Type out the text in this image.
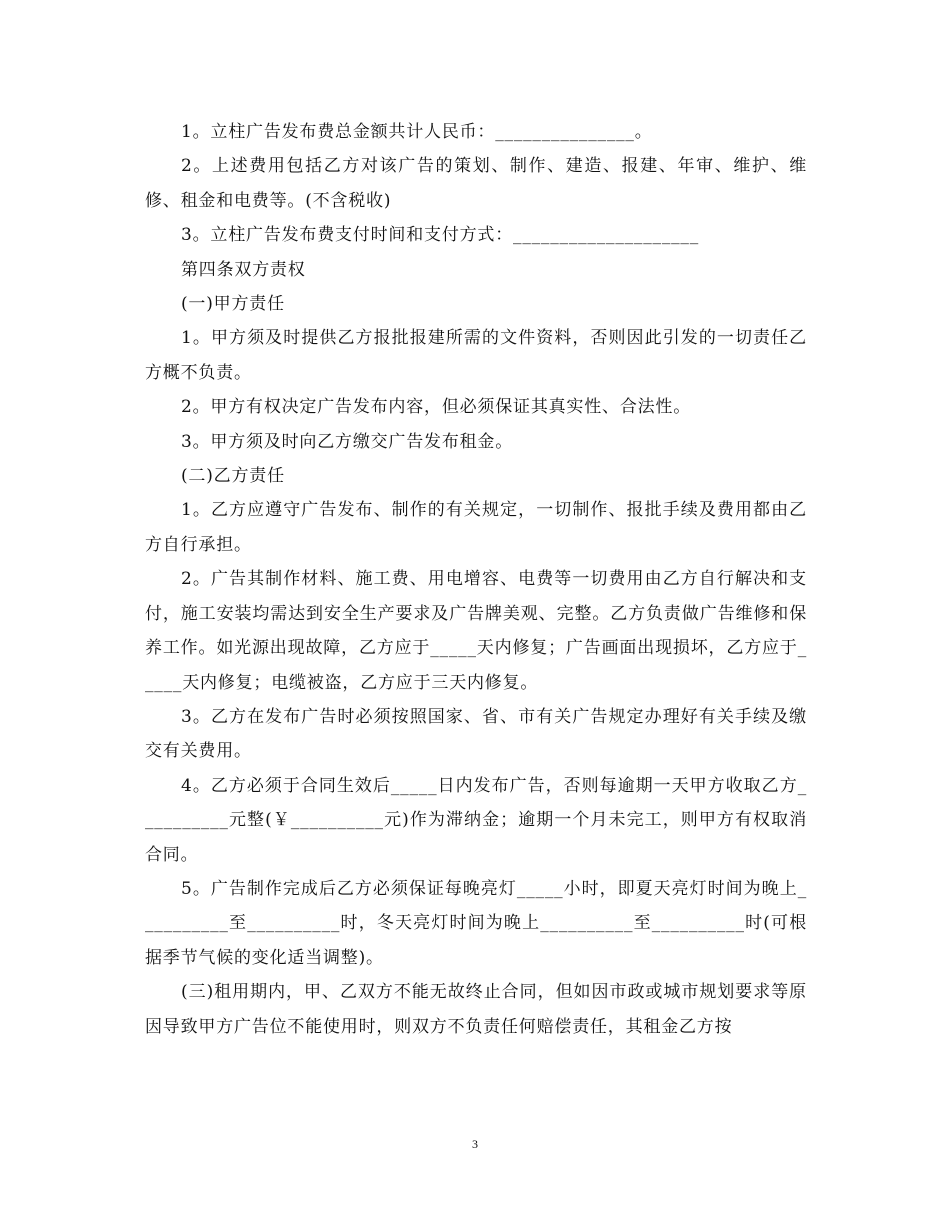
1。立柱广告发布费总金额共计人民币：_______________。

2。上述费用包括乙方对该广告的策划、制作、建造、报建、年审、维护、维修、租金和电费等。(不含税收)

3。立柱广告发布费支付时间和支付方式：____________________

第四条双方责权

(一)甲方责任

1。甲方须及时提供乙方报批报建所需的文件资料，否则因此引发的一切责任乙方概不负责。

2。甲方有权决定广告发布内容，但必须保证其真实性、合法性。

3。甲方须及时向乙方缴交广告发布租金。

(二)乙方责任

1。乙方应遵守广告发布、制作的有关规定，一切制作、报批手续及费用都由乙方自行承担。

2。广告其制作材料、施工费、用电增容、电费等一切费用由乙方自行解决和支付，施工安装均需达到安全生产要求及广告牌美观、完整。乙方负责做广告维修和保养工作。如光源出现故障，乙方应于_____天内修复；广告画面出现损坏，乙方应于_____天内修复；电缆被盗，乙方应于三天内修复。

3。乙方在发布广告时必须按照国家、省、市有关广告规定办理好有关手续及缴交有关费用。

4。乙方必须于合同生效后_____日内发布广告，否则每逾期一天甲方收取乙方__________元整(￥__________元)作为滞纳金；逾期一个月未完工，则甲方有权取消合同。

5。广告制作完成后乙方必须保证每晚亮灯_____小时，即夏天亮灯时间为晚上__________至__________时，冬天亮灯时间为晚上__________至__________时(可根据季节气候的变化适当调整)。

(三)租用期内，甲、乙双方不能无故终止合同，但如因市政或城市规划要求等原因导致甲方广告位不能使用时，则双方不负责任何赔偿责任，其租金乙方按

3
